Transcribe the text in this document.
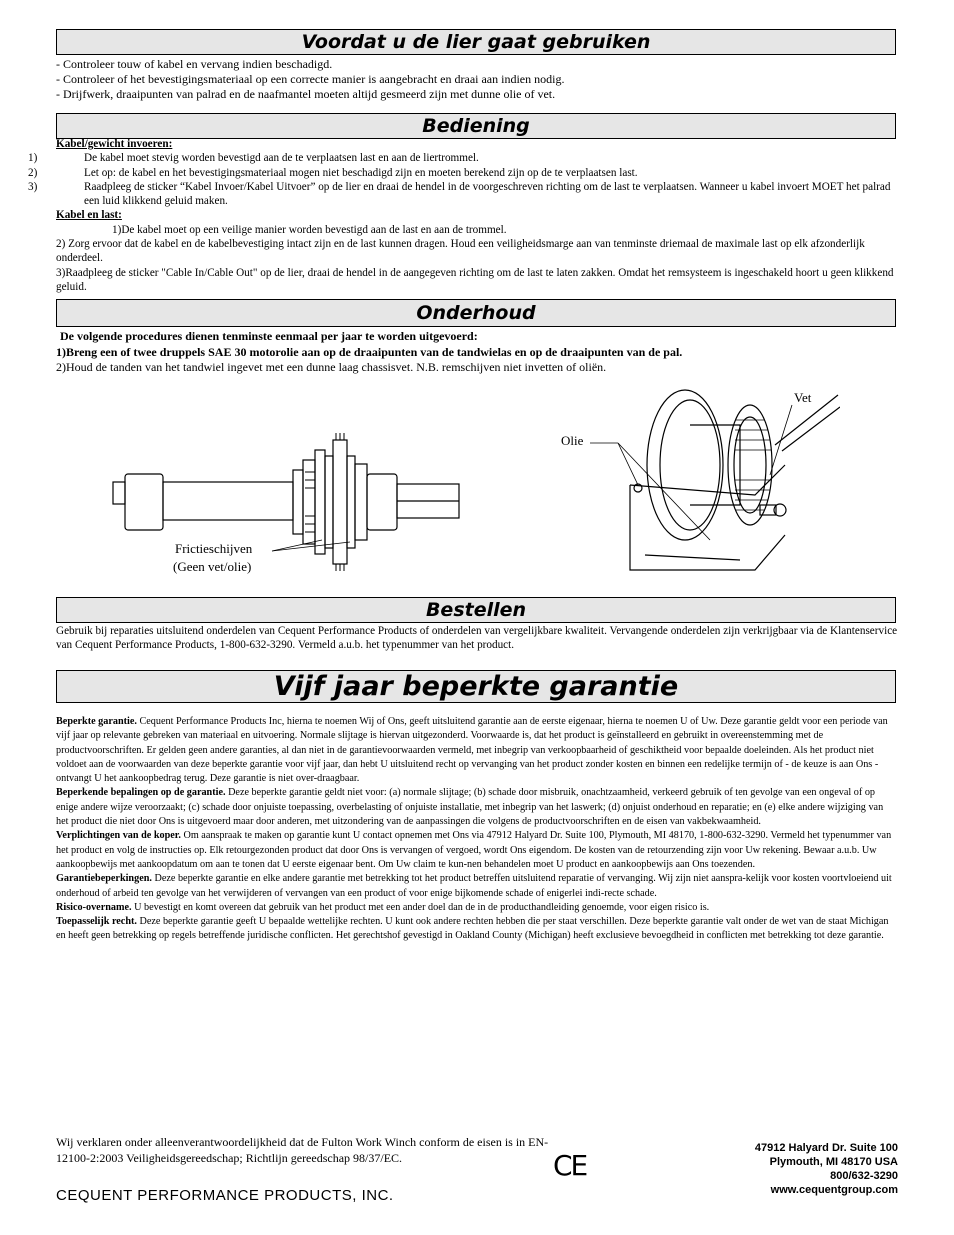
Voordat u de lier gaat gebruiken

- Controleer touw of kabel en vervang indien beschadigd.

- Controleer of het bevestigingsmateriaal op een correcte manier is aangebracht en draai aan indien nodig.

- Drijfwerk, draaipunten van palrad en de naafmantel moeten altijd gesmeerd zijn met dunne olie of vet.

Bediening

Kabel/gewicht invoeren:

1)	De kabel moet stevig worden bevestigd aan de te verplaatsen last en aan de liertrommel.

2)	Let op: de kabel en het bevestigingsmateriaal mogen niet beschadigd zijn en moeten berekend zijn op de te verplaatsen last.

3)	Raadpleeg de sticker “Kabel Invoer/Kabel Uitvoer” op de lier en draai de hendel in de voorgeschreven richting om de last te verplaatsen. Wanneer u kabel invoert MOET het palrad een luid klikkend geluid maken.

Kabel en last:

1)De kabel moet op een veilige manier worden bevestigd aan de last en aan de trommel.

2) Zorg ervoor dat de kabel en de kabelbevestiging intact zijn en de last kunnen dragen. Houd een veiligheidsmarge aan van tenminste driemaal de maximale last op elk afzonderlijk onderdeel.

3)Raadpleeg de sticker "Cable In/Cable Out" op de lier, draai de hendel in de aangegeven richting om de last te laten zakken. Omdat het remsysteem is ingeschakeld hoort u geen klikkend geluid.

Onderhoud

De volgende procedures dienen tenminste eenmaal per jaar te worden uitgevoerd:

1)Breng een of twee druppels SAE 30 motorolie aan op de draaipunten van de tandwielas en op de draaipunten van de pal.

2)Houd de tanden van het tandwiel ingevet met een dunne laag chassisvet. N.B. remschijven niet invetten of oliën.

Frictieschijven
(Geen vet/olie)
Olie
Vet
Bestellen
Gebruik bij reparaties uitsluitend onderdelen van Cequent Performance Products of onderdelen van vergelijkbare kwaliteit. Vervangende onderdelen zijn verkrijgbaar via de Klantenservice van Cequent Performance Products, 1-800-632-3290. Vermeld a.u.b. het typenummer van het product.
Vijf jaar beperkte garantie

Beperkte garantie. Cequent Performance Products Inc, hierna te noemen Wij of Ons, geeft uitsluitend garantie aan de eerste eigenaar, hierna te noemen U of Uw. Deze garantie geldt voor een periode van vijf jaar op relevante gebreken van materiaal en uitvoering. Normale slijtage is hiervan uitgezonderd. Voorwaarde is, dat het product is geïnstalleerd en gebruikt in overeenstemming met de productvoorschriften. Er gelden geen andere garanties, al dan niet in de garantievoorwaarden vermeld, met inbegrip van verkoopbaarheid of geschiktheid voor bepaalde doeleinden. Als het product niet voldoet aan de voorwaarden van deze beperkte garantie voor vijf jaar, dan hebt U uitsluitend recht op vervanging van het product zonder kosten en binnen een redelijke termijn of - de keuze is aan Ons - ontvangt U het aankoopbedrag terug. Deze garantie is niet over-draagbaar.

Beperkende bepalingen op de garantie. Deze beperkte garantie geldt niet voor: (a) normale slijtage; (b) schade door misbruik, onachtzaamheid, verkeerd gebruik of ten gevolge van een ongeval of op enige andere wijze veroorzaakt; (c) schade door onjuiste toepassing, overbelasting of onjuiste installatie, met inbegrip van het laswerk; (d) onjuist onderhoud en reparatie; en (e) elke andere wijziging van het product die niet door Ons is uitgevoerd maar door anderen, met uitzondering van de aanpassingen die volgens de productvoorschriften en de eisen van vakbekwaamheid.

Verplichtingen van de koper. Om aanspraak te maken op garantie kunt U contact opnemen met Ons via 47912 Halyard Dr. Suite 100, Plymouth, MI 48170, 1-800-632-3290. Vermeld het typenummer van het product en volg de instructies op. Elk retourgezonden product dat door Ons is vervangen of vergoed, wordt Ons eigendom. De kosten van de retourzending zijn voor Uw rekening. Bewaar a.u.b. Uw aankoopbewijs met aankoopdatum om aan te tonen dat U eerste eigenaar bent. Om Uw claim te kun-nen behandelen moet U product en aankoopbewijs aan Ons toezenden.

Garantiebeperkingen. Deze beperkte garantie en elke andere garantie met betrekking tot het product betreffen uitsluitend reparatie of vervanging. Wij zijn niet aanspra-kelijk voor kosten voortvloeiend uit onderhoud of arbeid ten gevolge van het verwijderen of vervangen van een product of voor enige bijkomende schade of enigerlei indi-recte schade.

Risico-overname. U bevestigt en komt overeen dat gebruik van het product met een ander doel dan de in de producthandleiding genoemde, voor eigen risico is.

Toepasselijk recht. Deze beperkte garantie geeft U bepaalde wettelijke rechten. U kunt ook andere rechten hebben die per staat verschillen. Deze beperkte garantie valt onder de wet van de staat Michigan en heeft geen betrekking op regels betreffende juridische conflicten. Het gerechtshof gevestigd in Oakland County (Michigan) heeft exclusieve bevoegdheid in conflicten met betrekking tot deze garantie.

Wij verklaren onder alleenverantwoordelijkheid dat de Fulton Work Winch conform de eisen is in EN-12100-2:2003 Veiligheidsgereedschap; Richtlijn gereedschap 98/37/EC.	CE
CEQUENT PERFORMANCE PRODUCTS, INC.
47912 Halyard Dr. Suite 100
Plymouth, MI 48170 USA
800/632-3290
www.cequentgroup.com
